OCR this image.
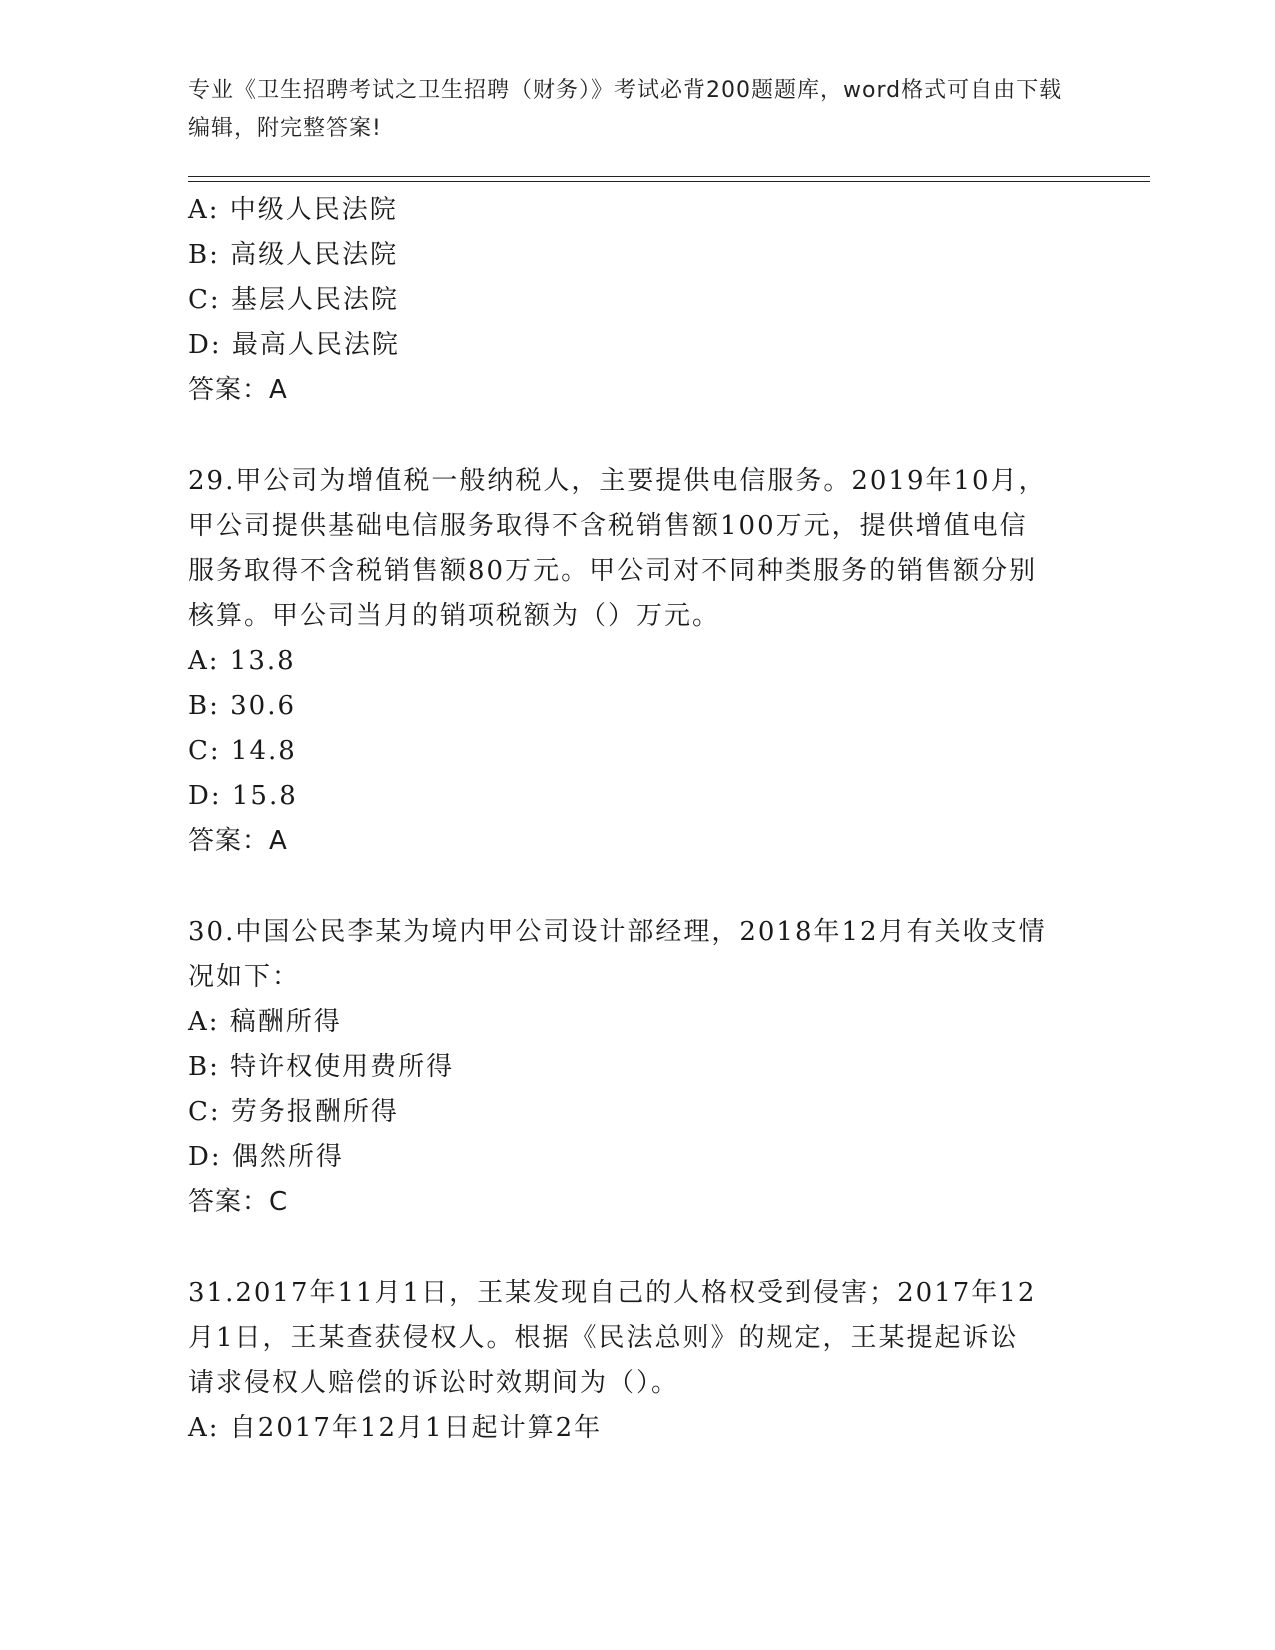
专业《卫生招聘考试之卫生招聘（财务）》考试必背200题题库，word格式可自由下载编辑，附完整答案!
A: 中级人民法院
B: 高级人民法院
C: 基层人民法院
D: 最高人民法院
答案：A
29.甲公司为增值税一般纳税人，主要提供电信服务。2019年10月，
甲公司提供基础电信服务取得不含税销售额100万元，提供增值电信
服务取得不含税销售额80万元。甲公司对不同种类服务的销售额分别
核算。甲公司当月的销项税额为（）万元。
A: 13.8
B: 30.6
C: 14.8
D: 15.8
答案：A
30.中国公民李某为境内甲公司设计部经理，2018年12月有关收支情
况如下：
A: 稿酬所得
B: 特许权使用费所得
C: 劳务报酬所得
D: 偶然所得
答案：C
31.2017年11月1日，王某发现自己的人格权受到侵害；2017年12
月1日，王某查获侵权人。根据《民法总则》的规定，王某提起诉讼
请求侵权人赔偿的诉讼时效期间为（）。
A: 自2017年12月1日起计算2年
